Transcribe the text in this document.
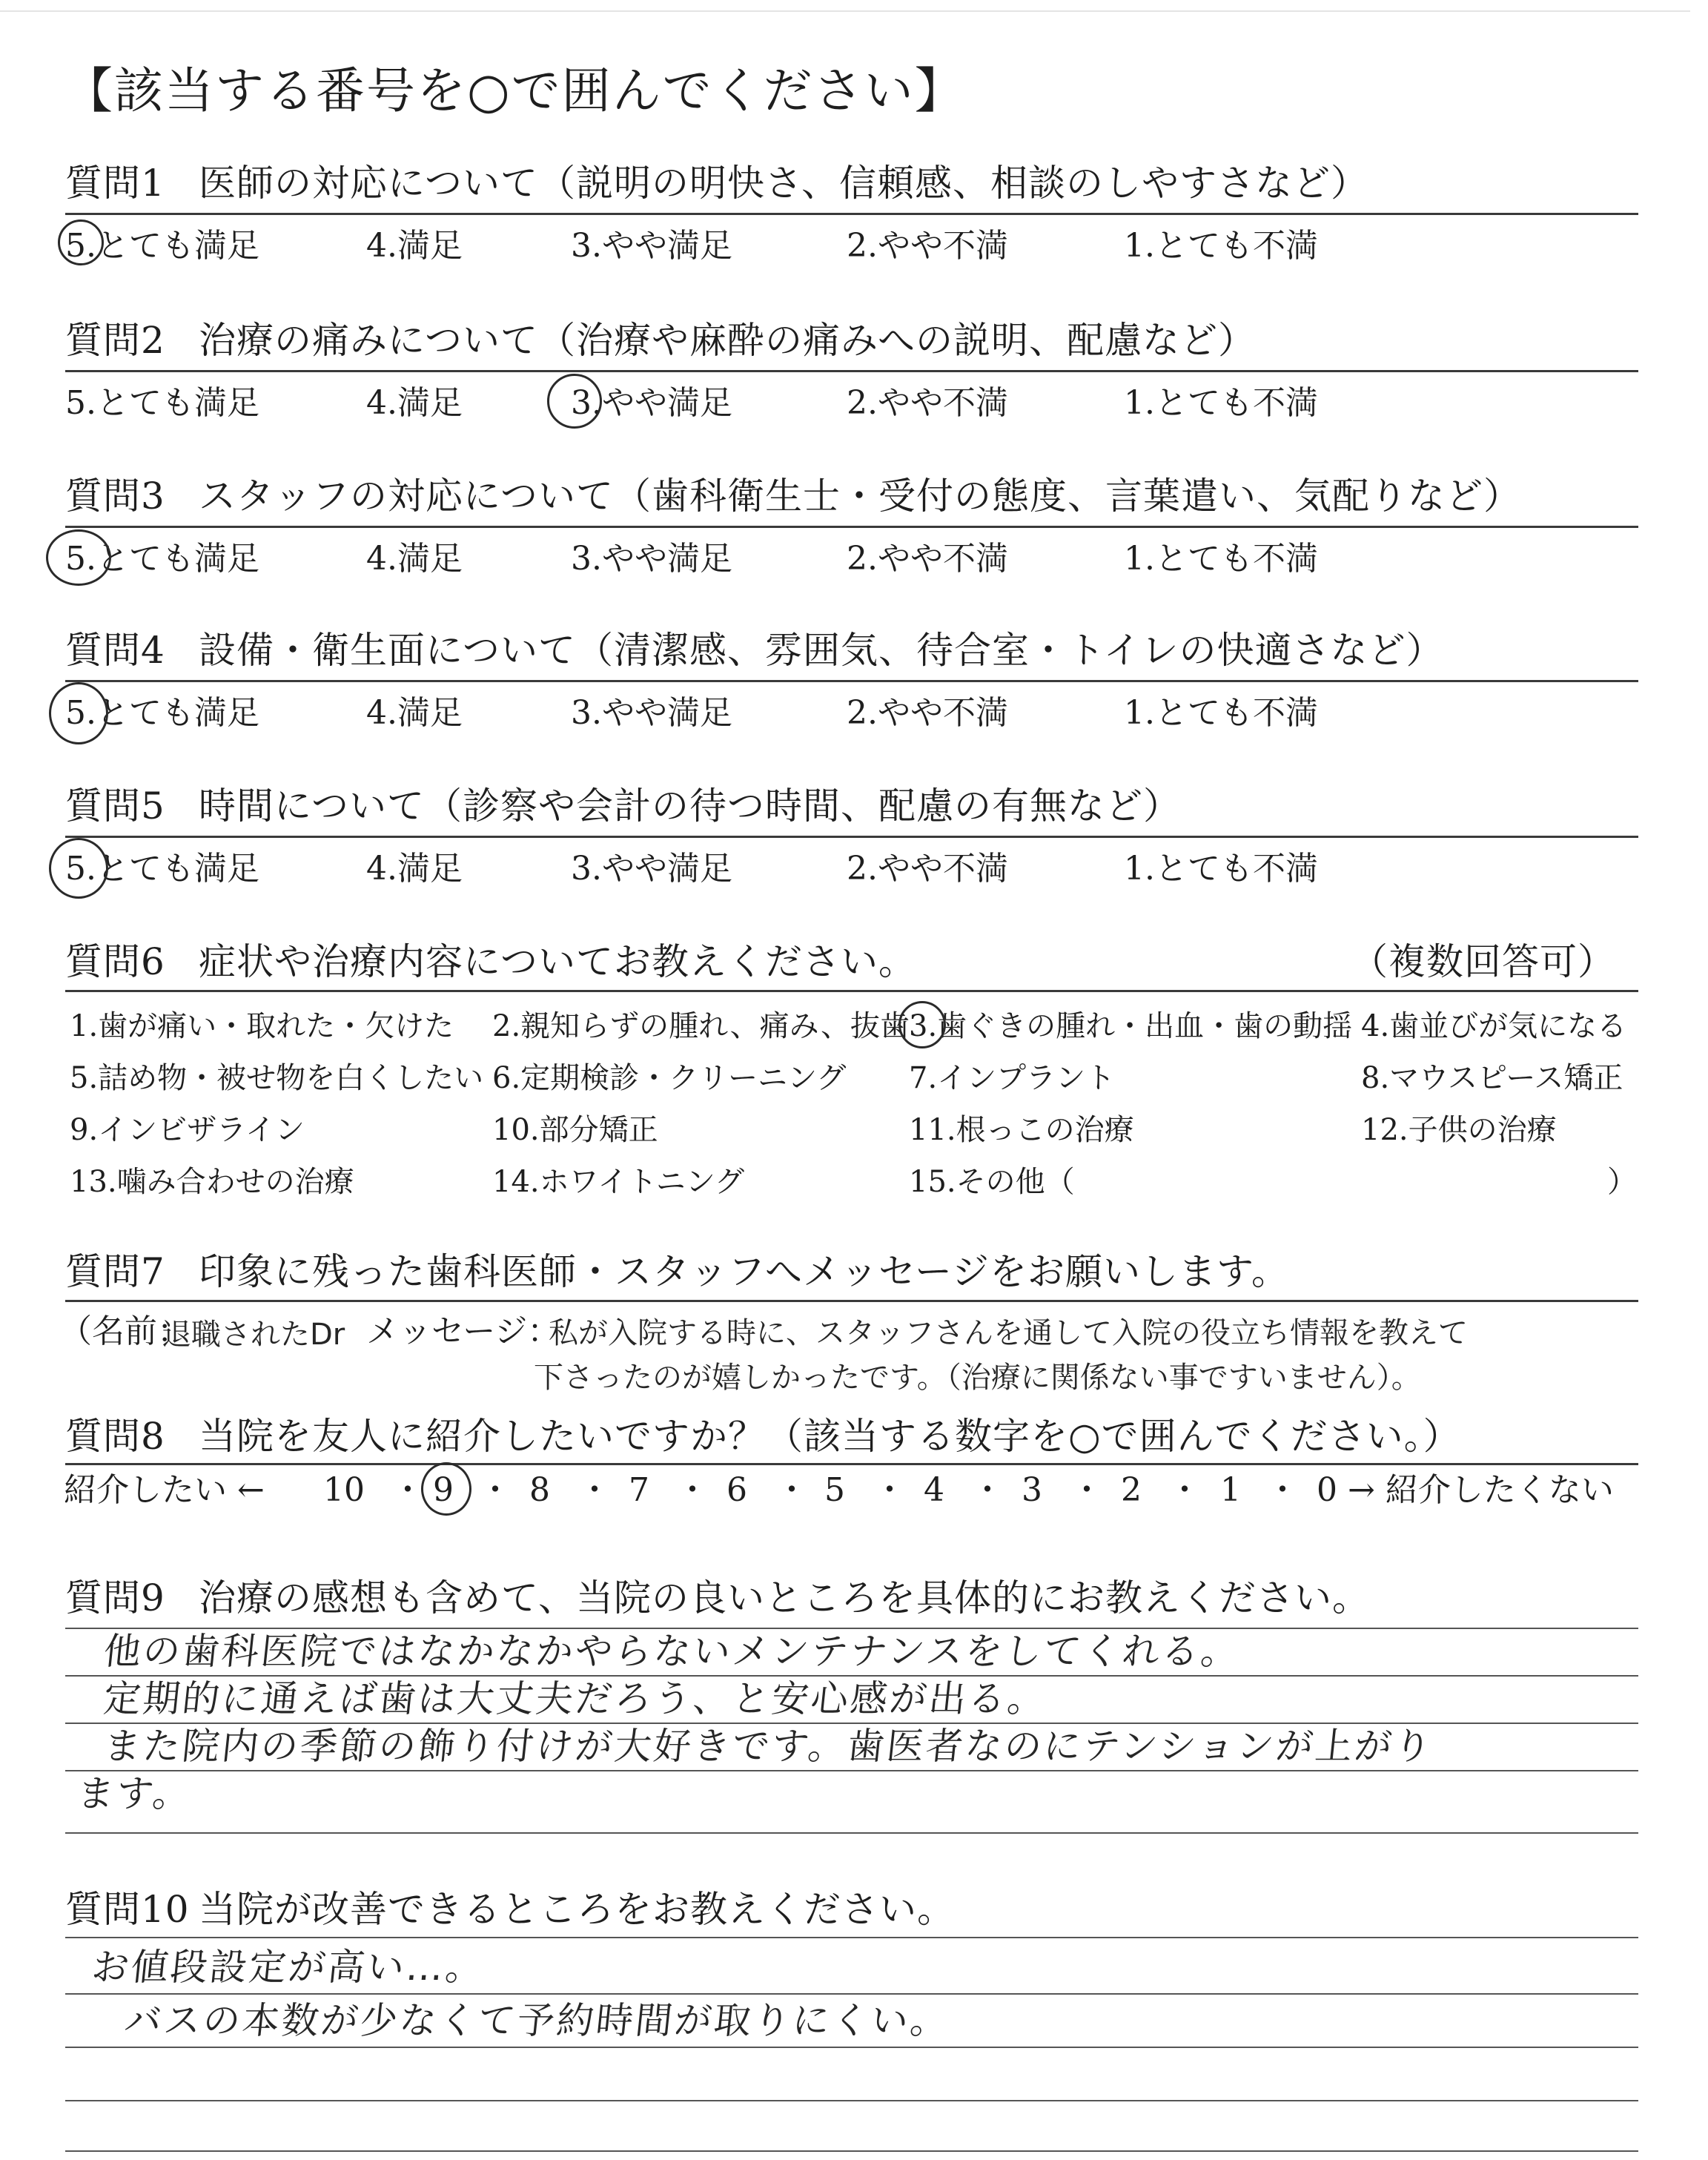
【該当する番号を○で囲んでください】
質問1 医師の対応について（説明の明快さ、信頼感、相談のしやすさなど）
5.とても満足	4.満足	3.やや満足	2.やや不満	1.とても不満
質問2 治療の痛みについて（治療や麻酔の痛みへの説明、配慮など）
5.とても満足	4.満足	3.やや満足	2.やや不満	1.とても不満
質問3 スタッフの対応について（歯科衛生士・受付の態度、言葉遣い、気配りなど）
5.とても満足	4.満足	3.やや満足	2.やや不満	1.とても不満
質問4 設備・衛生面について（清潔感、雰囲気、待合室・トイレの快適さなど）
5.とても満足	4.満足	3.やや満足	2.やや不満	1.とても不満
質問5 時間について（診察や会計の待つ時間、配慮の有無など）
5.とても満足	4.満足	3.やや満足	2.やや不満	1.とても不満
質問6 症状や治療内容についてお教えください。	（複数回答可）
1.歯が痛い・取れた・欠けた 2.親知らずの腫れ、痛み、抜歯 3.歯ぐきの腫れ・出血・歯の動揺 4.歯並びが気になる
5.詰め物・被せ物を白くしたい 6.定期検診・クリーニング 7.インプラント	8.マウスピース矯正
9.インビザライン	10.部分矯正	11.根っこの治療	12.子供の治療
13.噛み合わせの治療	14.ホワイトニング	15.その他（	）
質問7 印象に残った歯科医師・スタッフへメッセージをお願いします。
（名前：
退職されたDr メッセージ：
私が入院する時に、スタッフさんを通して入院の役立ち情報を教えて
下さったのが嬉しかったです。（治療に関係ない事ですいません）。
質問8 当院を友人に紹介したいですか？（該当する数字を○で囲んでください。）
紹介したい ← 10 ・ 9 ・ 8 ・ 7 ・ 6 ・ 5 ・ 4 ・ 3 ・ 2 ・ 1 ・ 0 → 紹介したくない
質問9 治療の感想も含めて、当院の良いところを具体的にお教えください。
他の歯科医院ではなかなかやらないメンテナンスをしてくれる。
定期的に通えば歯は大丈夫だろう、と安心感が出る。
また院内の季節の飾り付けが大好きです。歯医者なのにテンションが上がり
ます。
質問10 当院が改善できるところをお教えください。
お値段設定が高い…。
バスの本数が少なくて予約時間が取りにくい。
